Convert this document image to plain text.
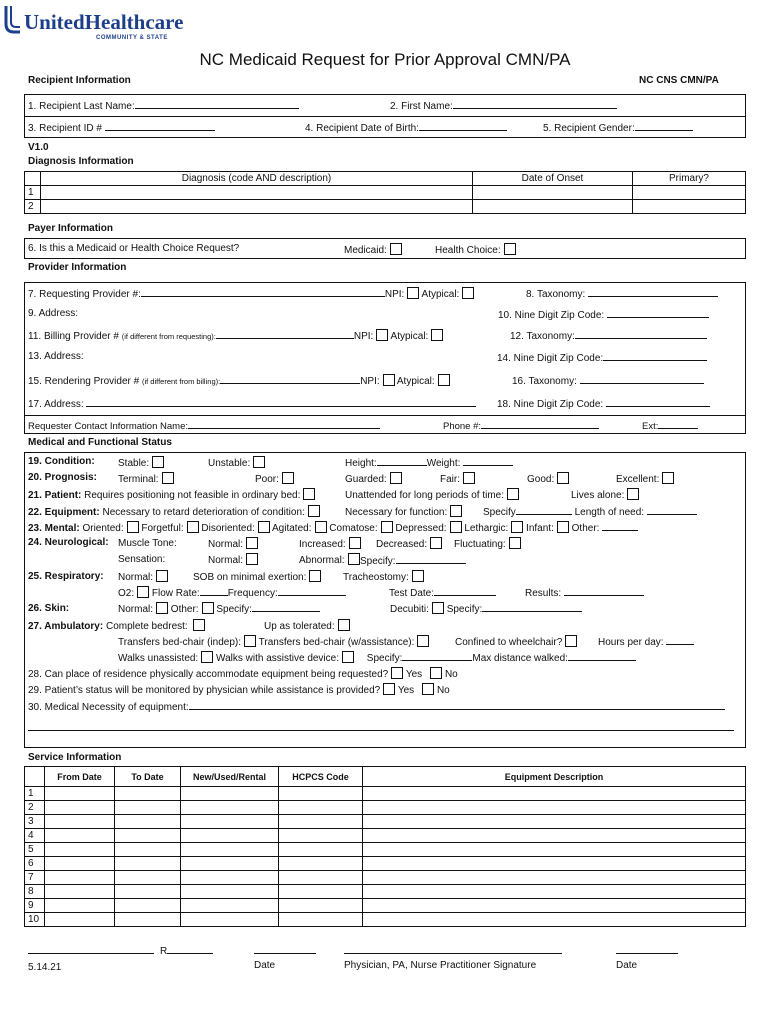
UnitedHealthcare
COMMUNITY & STATE
NC Medicaid Request for Prior Approval CMN/PA
Recipient Information	NC CNS CMN/PA
1. Recipient Last Name:	2. First Name:
3. Recipient ID #	4. Recipient Date of Birth:	5. Recipient Gender:
V1.0
Diagnosis Information
	Diagnosis (code AND description)	Date of Onset	Primary?
1			
2			
Payer Information
6. Is this a Medicaid or Health Choice Request?	Medicaid:	Health Choice:
Provider Information
7. Requesting Provider #:	NPI: Atypical:	8. Taxonomy:
9. Address:	10. Nine Digit Zip Code:
11. Billing Provider # (if different from requesting):	NPI: Atypical:	12. Taxonomy:
13. Address:	14. Nine Digit Zip Code:
15. Rendering Provider # (if different from billing):	NPI: Atypical:	16. Taxonomy:
17. Address:	18. Nine Digit Zip Code:
Requester Contact Information Name:	Phone #:	Ext:
Medical and Functional Status
19. Condition: Stable:	Unstable:	Height:	Weight:
20. Prognosis: Terminal:	Poor:	Guarded:	Fair:	Good:	Excellent:
21. Patient: Requires positioning not feasible in ordinary bed:	Unattended for long periods of time:	Lives alone:
22. Equipment: Necessary to retard deterioration of condition:	Necessary for function:	Specify	Length of need:
23. Mental: Oriented: Forgetful: Disoriented: Agitated: Comatose: Depressed: Lethargic: Infant: Other:
24. Neurological: Muscle Tone:	Normal:	Increased:	Decreased:	Fluctuating:
Sensation:	Normal:	Abnormal:	Specify:
25. Respiratory: Normal:	SOB on minimal exertion:	Tracheostomy:
O2: Flow Rate:	Frequency:	Test Date:	Results:
26. Skin:	Normal: Other: Specify:	Decubiti: Specify:
27. Ambulatory: Complete bedrest:	Up as tolerated:
Transfers bed-chair (indep): Transfers bed-chair (w/assistance):	Confined to wheelchair?	Hours per day:
Walks unassisted: Walks with assistive device:	Specify:	Max distance walked:
28. Can place of residence physically accommodate equipment being requested? Yes No
29. Patient’s status will be monitored by physician while assistance is provided? Yes No
30. Medical Necessity of equipment:
Service Information
	From Date	To Date	New/Used/Rental	HCPCS Code	Equipment Description
1					
2					
3					
4					
5					
6					
7					
8					
9					
10					
R
5.14.21	Date	Physician, PA, Nurse Practitioner Signature	Date
